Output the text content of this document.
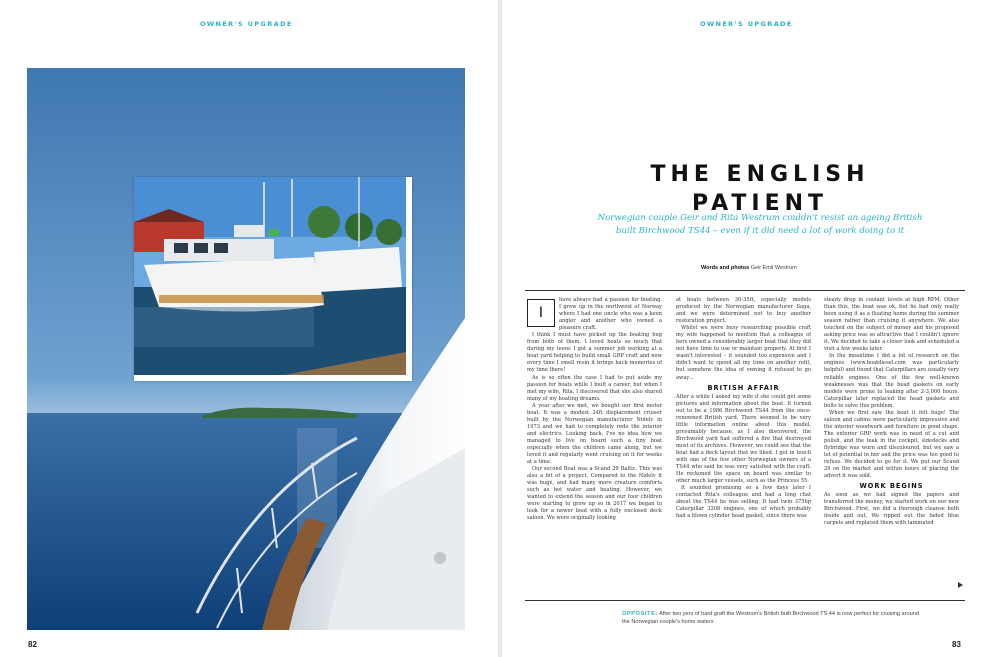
OWNER'S UPGRADE	OWNER'S UPGRADE
82	83
THE ENGLISH PATIENT
Norwegian couple Geir and Rita Westrum couldn't resist an ageing British built Birchwood TS44 – even if it did need a lot of work doing to it
Words and photos Geir Emil Westrum
I

have always had a passion for boating. I grew up in the northwest of Norway where I had one uncle who was a keen angler and another who owned a pleasure craft.

I think I must have picked up the boating bug from both of them. I loved boats so much that during my teens I got a summer job working at a boat yard helping to build small GRP craft and now every time I smell resin it brings back memories of my time there!

As is so often the case I had to put aside my passion for boats while I built a career, but when I met my wife, Rita, I discovered that she also shared many of my boating dreams.

A year after we met, we bought our first motor boat. It was a modest 24ft displacement cruiser built by the Norwegian manufacturer Nidelv in 1973 and we had to completely redo the interior and electrics. Looking back, I've no idea how we managed to live on board such a tiny boat especially when the children came along, but we loved it and regularly went cruising on it for weeks at a time.

Our second Boat was a Scand 29 Baltic. This was also a bit of a project. Compared to the Nidelv it was huge, and had many more creature comforts such as hot water and heating. However, we wanted to extend the season and our four children were starting to grow up so in 2017 we began to look for a newer boat with a fully enclosed deck saloon. We were originally looking

at boats between 30-35ft, especially models produced by the Norwegian manufacturer Saga, and we were determined not to buy another restoration project.

Whilst we were busy researching possible craft my wife happened to mention that a colleague of hers owned a considerably larger boat that they did not have time to use or maintain properly. At first I wasn't interested – it sounded too expensive and I didn't want to spend all my time on another refit, but somehow the idea of owning it refused to go away…

BRITISH AFFAIR

After a while I asked my wife if she could get some pictures and information about the boat. It turned out to be a 1986 Birchwood TS44 from the once-renowned British yard. There seemed to be very little information online about this model, presumably because, as I also discovered, the Birchwood yard had suffered a fire that destroyed most of its archives. However, we could see that the boat had a deck layout that we liked. I got in touch with one of the few other Norwegian owners of a TS44 who said he was very satisfied with the craft. He reckoned the space on board was similar to other much larger vessels, such as the Princess 55.

It sounded promising so a few days later I contacted Rita's colleague and had a long chat about the TS44 he was selling. It had twin 375hp Caterpillar 3208 engines, one of which probably had a blown cylinder head gasket, since there was

steady drop in coolant levels at high RPM. Other than this, the boat was ok, but he had only really been using it as a floating home during the summer season rather than cruising it anywhere. We also touched on the subject of money and his proposed asking price was so attractive that I couldn't ignore it. We decided to take a closer look and scheduled a visit a few weeks later.

In the meantime I did a lot of research on the engines (www.boatdiesel.com was particularly helpful) and found that Caterpillars are usually very reliable engines. One of the few well-known weaknesses was that the head gaskets on early models were prone to leaking after 2-3,000 hours. Caterpillar later replaced the head gaskets and bolts to solve this problem.

When we first saw the boat it felt huge! The saloon and cabins were particularly impressive and the interior woodwork and furniture in good shape. The exterior GRP work was in need of a cut and polish, and the teak in the cockpit, sidedecks and flybridge was worn and discoloured, but we saw a lot of potential in her and the price was too good to refuse. We decided to go for it. We put our Scand 29 on the market and within hours of placing the advert it was sold.

WORK BEGINS

As soon as we had signed the papers and transferred the money, we started work on our new Birchwood. First, we did a thorough cleanse both inside and out. We ripped out the faded blue carpets and replaced them with laminated

OPPOSITE: After two yers of hard graft the Westrum's British built Birchwood TS 44 is now perfect for cruising around the Norwegian couple's home waters
